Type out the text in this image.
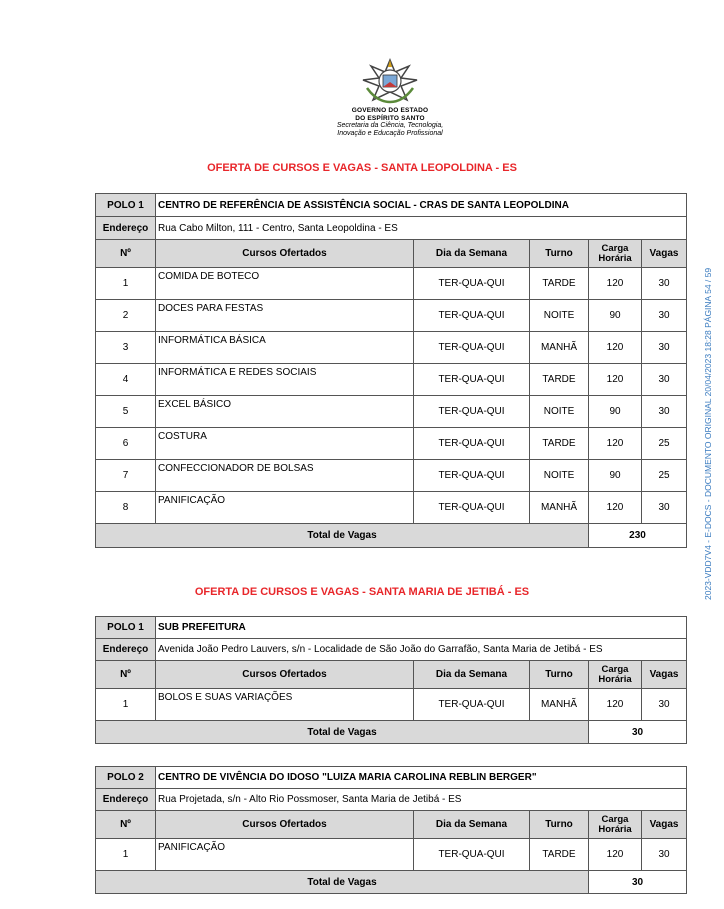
GOVERNO DO ESTADO
DO ESPÍRITO SANTO
Secretaria da Ciência, Tecnologia,
Inovação e Educação Profissional
OFERTA DE CURSOS E VAGAS - SANTA LEOPOLDINA - ES
POLO 1	CENTRO DE REFERÊNCIA DE ASSISTÊNCIA SOCIAL - CRAS DE SANTA LEOPOLDINA				
Endereço	Rua Cabo Milton, 111 - Centro, Santa Leopoldina - ES				
Nº	Cursos Ofertados	Dia da Semana	Turno	Carga
Horária	Vagas
1	COMIDA DE BOTECO	TER-QUA-QUI	TARDE	120	30
2	DOCES PARA FESTAS	TER-QUA-QUI	NOITE	90	30
3	INFORMÁTICA BÁSICA	TER-QUA-QUI	MANHÃ	120	30
4	INFORMÁTICA E REDES SOCIAIS	TER-QUA-QUI	TARDE	120	30
5	EXCEL BÁSICO	TER-QUA-QUI	NOITE	90	30
6	COSTURA	TER-QUA-QUI	TARDE	120	25
7	CONFECCIONADOR DE BOLSAS	TER-QUA-QUI	NOITE	90	25
8	PANIFICAÇÃO	TER-QUA-QUI	MANHÃ	120	30
Total de Vagas				230	
OFERTA DE CURSOS E VAGAS - SANTA MARIA DE JETIBÁ - ES
POLO 1	SUB PREFEITURA				
Endereço	Avenida João Pedro Lauvers, s/n - Localidade de São João do Garrafão, Santa Maria de Jetibá - ES				
Nº	Cursos Ofertados	Dia da Semana	Turno	Carga
Horária	Vagas
1	BOLOS E SUAS VARIAÇÕES	TER-QUA-QUI	MANHÃ	120	30
Total de Vagas				30	
POLO 2	CENTRO DE VIVÊNCIA DO IDOSO "LUIZA MARIA CAROLINA REBLIN BERGER"				
Endereço	Rua Projetada, s/n - Alto Rio Possmoser, Santa Maria de Jetibá - ES				
Nº	Cursos Ofertados	Dia da Semana	Turno	Carga
Horária	Vagas
1	PANIFICAÇÃO	TER-QUA-QUI	TARDE	120	30
Total de Vagas				30	
2023-VDD7V4 - E-DOCS - DOCUMENTO ORIGINAL 20/04/2023 18:28 PÁGINA 54 / 59
